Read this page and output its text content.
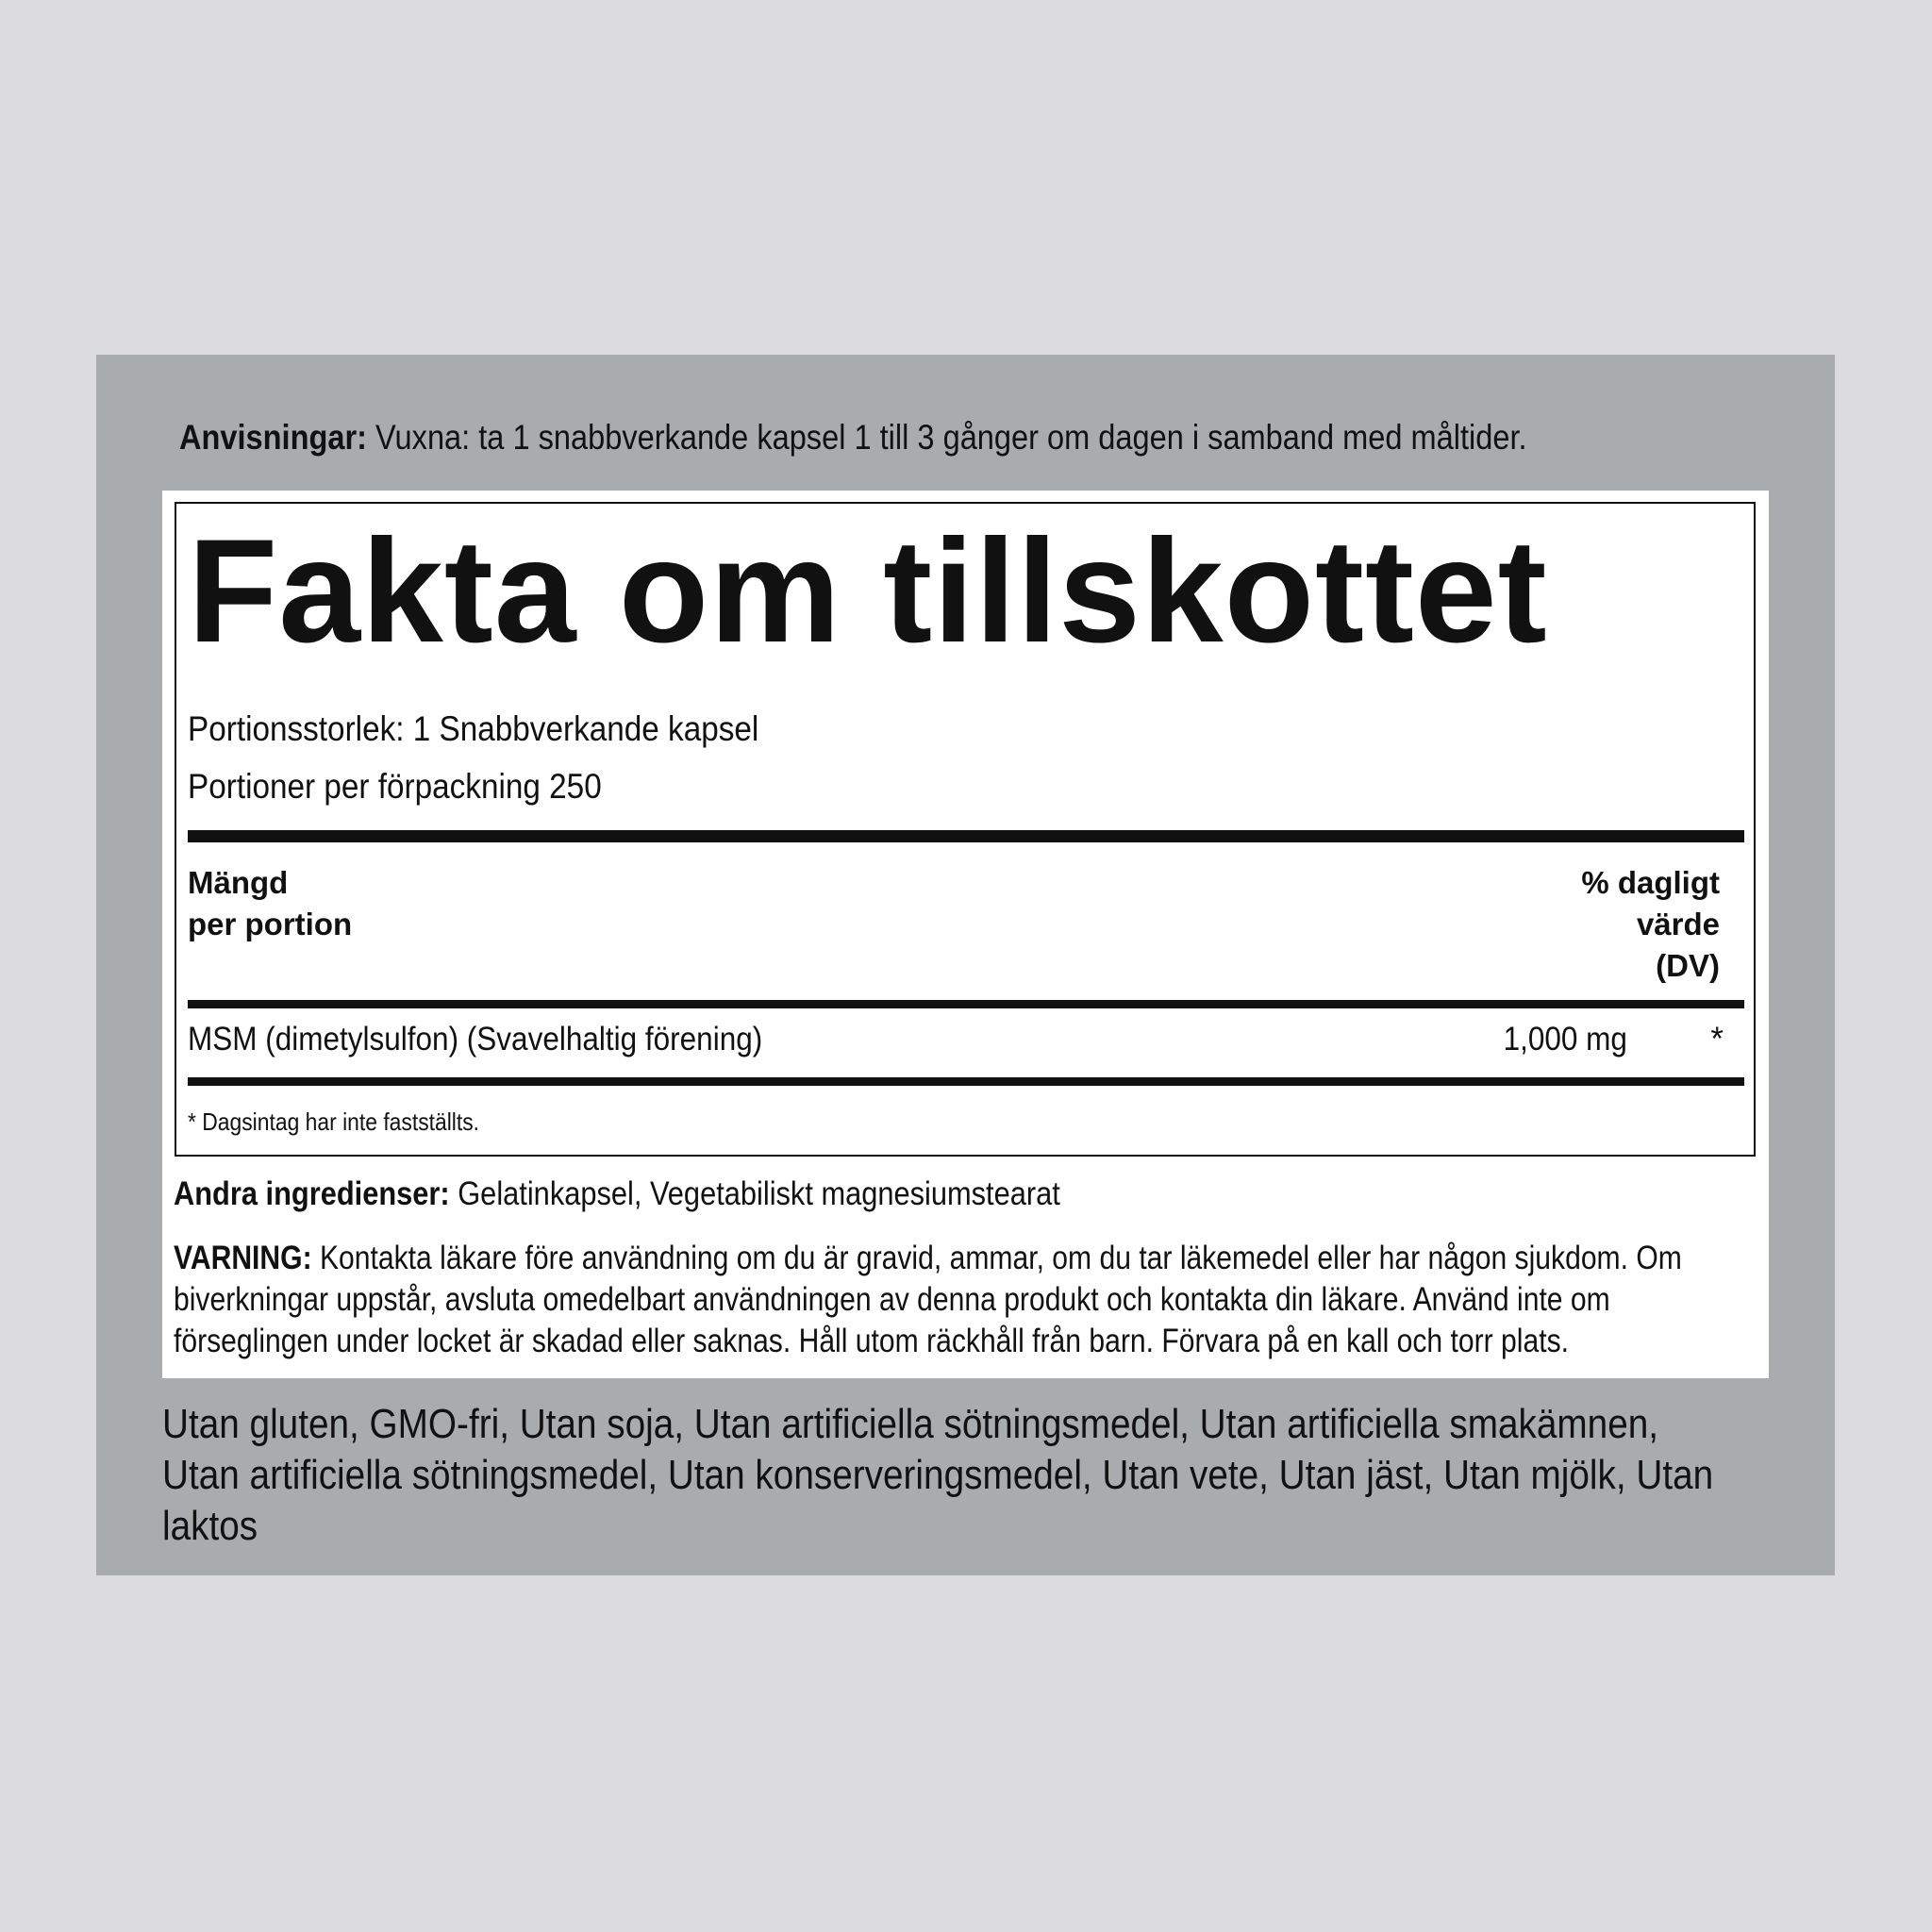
Anvisningar: Vuxna: ta 1 snabbverkande kapsel 1 till 3 gånger om dagen i samband med måltider.
Fakta om tillskottet
Portionsstorlek: 1 Snabbverkande kapsel
Portioner per förpackning 250
Mängd
per portion
% dagligt
värde
(DV)
MSM (dimetylsulfon) (Svavelhaltig förening)	1,000 mg	*
* Dagsintag har inte fastställts.
Andra ingredienser: Gelatinkapsel, Vegetabiliskt magnesiumstearat
VARNING: Kontakta läkare före användning om du är gravid, ammar, om du tar läkemedel eller har någon sjukdom. Om biverkningar uppstår, avsluta omedelbart användningen av denna produkt och kontakta din läkare. Använd inte om förseglingen under locket är skadad eller saknas. Håll utom räckhåll från barn. Förvara på en kall och torr plats.
Utan gluten, GMO-fri, Utan soja, Utan artificiella sötningsmedel, Utan artificiella smakämnen, Utan artificiella sötningsmedel, Utan konserveringsmedel, Utan vete, Utan jäst, Utan mjölk, Utan laktos
